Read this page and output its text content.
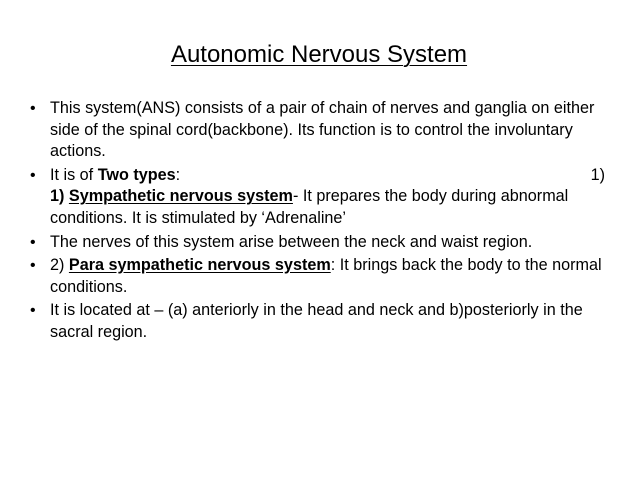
Autonomic Nervous System
• This system(ANS) consists of a pair of chain of nerves and ganglia on either side of the spinal cord(backbone). Its function is to control the involuntary actions.
• It is of Two types:	1)
1) Sympathetic nervous system- It prepares the body during abnormal conditions. It is stimulated by ‘Adrenaline’
• The nerves of this system arise between the neck and waist region.
• 2) Para sympathetic nervous system: It brings back the body to the normal conditions.
• It is located at – (a) anteriorly in the head and neck and b)posteriorly in the sacral region.
